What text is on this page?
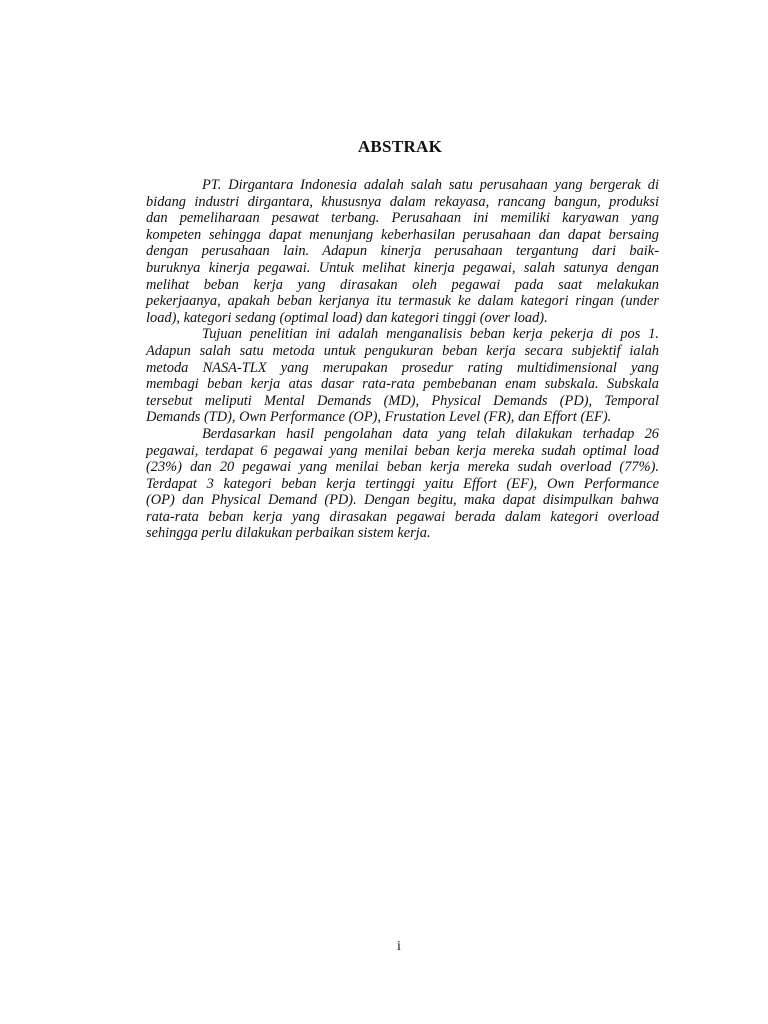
ABSTRAK
PT. Dirgantara Indonesia adalah salah satu perusahaan yang bergerak di
bidang industri dirgantara, khususnya dalam rekayasa, rancang bangun, produksi
dan pemeliharaan pesawat terbang. Perusahaan ini memiliki karyawan yang
kompeten sehingga dapat menunjang keberhasilan perusahaan dan dapat bersaing
dengan perusahaan lain. Adapun kinerja perusahaan tergantung dari baik-
buruknya kinerja pegawai. Untuk melihat kinerja pegawai, salah satunya dengan
melihat beban kerja yang dirasakan oleh pegawai pada saat melakukan
pekerjaanya, apakah beban kerjanya itu termasuk ke dalam kategori ringan (under
load), kategori sedang (optimal load) dan kategori tinggi (over load).
Tujuan penelitian ini adalah menganalisis beban kerja pekerja di pos 1.
Adapun salah satu metoda untuk pengukuran beban kerja secara subjektif ialah
metoda NASA-TLX yang merupakan prosedur rating multidimensional yang
membagi beban kerja atas dasar rata-rata pembebanan enam subskala. Subskala
tersebut meliputi Mental Demands (MD), Physical Demands (PD), Temporal
Demands (TD), Own Performance (OP), Frustation Level (FR), dan Effort (EF).
Berdasarkan hasil pengolahan data yang telah dilakukan terhadap 26
pegawai, terdapat 6 pegawai yang menilai beban kerja mereka sudah optimal load
(23%) dan 20 pegawai yang menilai beban kerja mereka sudah overload (77%).
Terdapat 3 kategori beban kerja tertinggi yaitu Effort (EF), Own Performance
(OP) dan Physical Demand (PD). Dengan begitu, maka dapat disimpulkan bahwa
rata-rata beban kerja yang dirasakan pegawai berada dalam kategori overload
sehingga perlu dilakukan perbaikan sistem kerja.
i
